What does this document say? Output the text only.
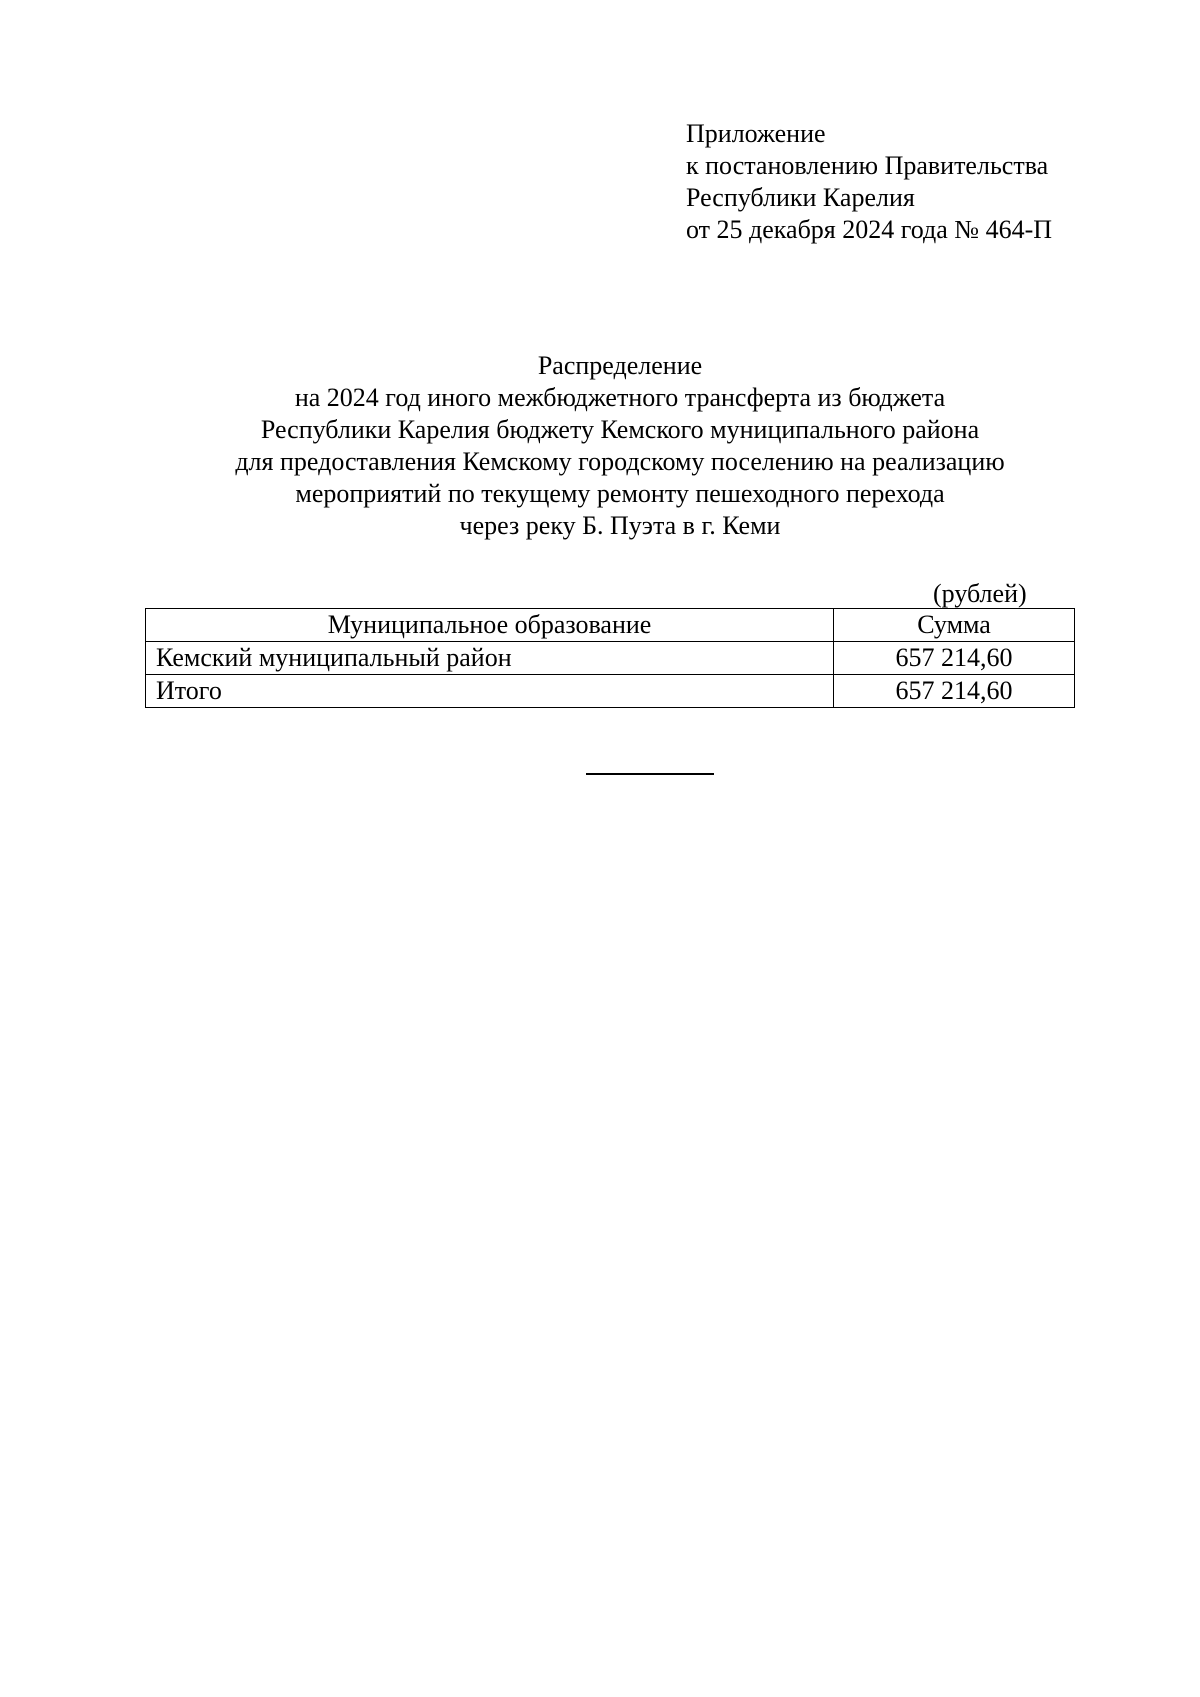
Приложение
к постановлению Правительства
Республики Карелия
от 25 декабря 2024 года № 464-П
Распределение
на 2024 год иного межбюджетного трансферта из бюджета
Республики Карелия бюджету Кемского муниципального района
для предоставления Кемскому городскому поселению на реализацию
мероприятий по текущему ремонту пешеходного перехода
через реку Б. Пуэта в г. Кеми
(рублей)
Муниципальное образование	Сумма
Кемский муниципальный район	657 214,60
Итого	657 214,60
